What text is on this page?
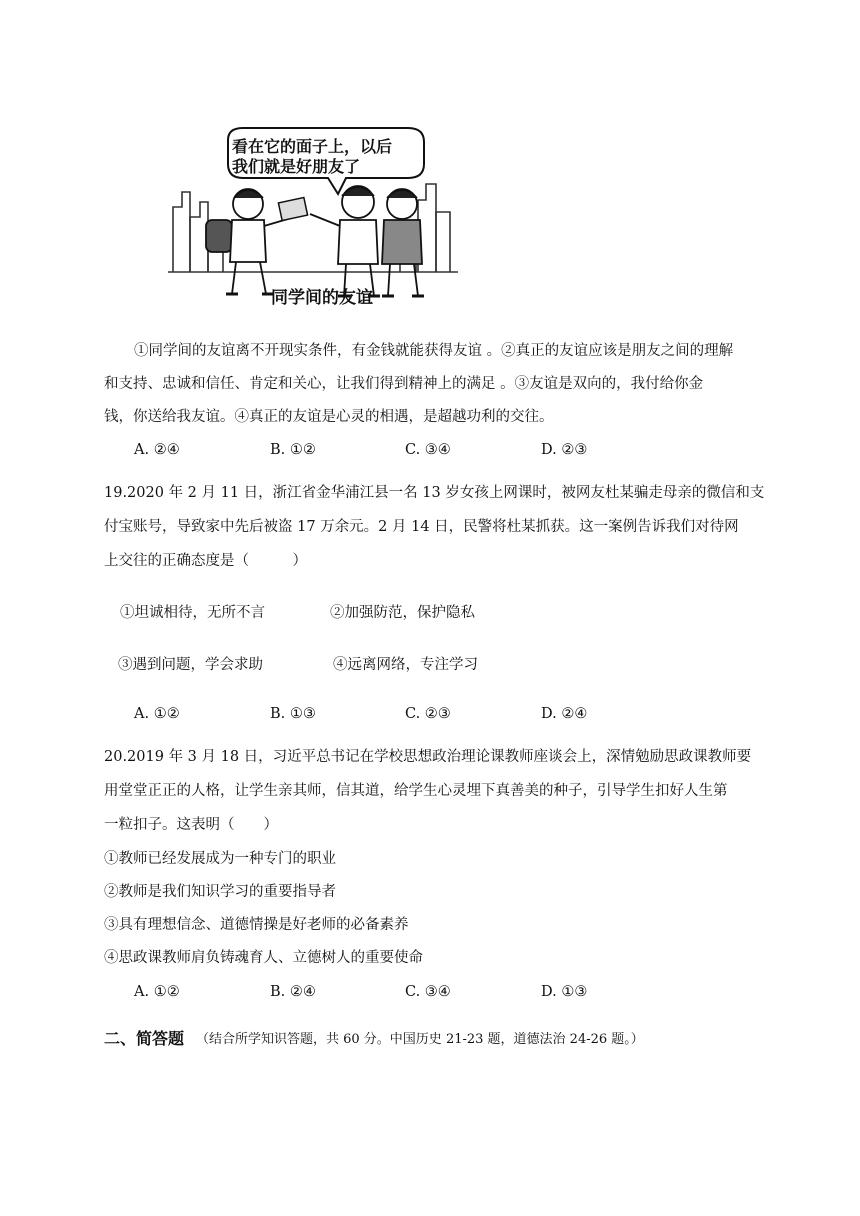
看在它的面子上，以后
我们就是好朋友了
同学间的友谊
①同学间的友谊离不开现实条件，有金钱就能获得友谊 。②真正的友谊应该是朋友之间的理解
和支持、忠诚和信任、肯定和关心，让我们得到精神上的满足 。③友谊是双向的，我付给你金
钱，你送给我友谊。④真正的友谊是心灵的相遇，是超越功利的交往。
A. ②④	B. ①②	C. ③④	D. ②③
19.2020 年 2 月 11 日，浙江省金华浦江县一名 13 岁女孩上网课时，被网友杜某骗走母亲的微信和支
付宝账号，导致家中先后被盗 17 万余元。2 月 14 日，民警将杜某抓获。这一案例告诉我们对待网
上交往的正确态度是（　　　）
①坦诚相待，无所不言	②加强防范，保护隐私
③遇到问题，学会求助	④远离网络，专注学习
A. ①②	B. ①③	C. ②③	D. ②④
20.2019 年 3 月 18 日，习近平总书记在学校思想政治理论课教师座谈会上，深情勉励思政课教师要
用堂堂正正的人格，让学生亲其师，信其道，给学生心灵埋下真善美的种子，引导学生扣好人生第
一粒扣子。这表明（　　）
①教师已经发展成为一种专门的职业
②教师是我们知识学习的重要指导者
③具有理想信念、道德情操是好老师的必备素养
④思政课教师肩负铸魂育人、立德树人的重要使命
A. ①②	B. ②④	C. ③④	D. ①③
二、简答题 （结合所学知识答题，共 60 分。中国历史 21-23 题，道德法治 24-26 题。）
